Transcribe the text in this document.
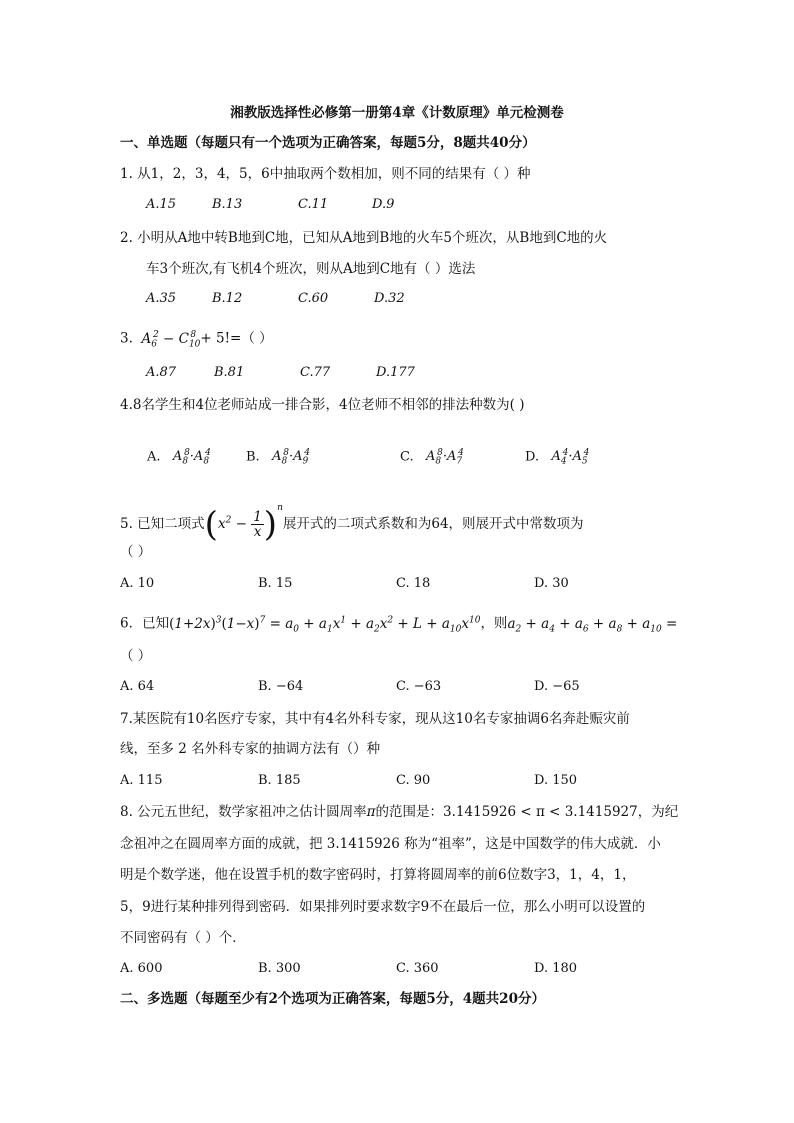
湘教版选择性必修第一册第4章《计数原理》单元检测卷
一、单选题（每题只有一个选项为正确答案，每题5分，8题共40分）
1. 从1，2，3，4，5，6中抽取两个数相加，则不同的结果有（ ）种
A.15	B.13	C.11	D.9
2. 小明从A地中转B地到C地，已知从A地到B地的火车5个班次，从B地到C地的火
车3个班次,有飞机4个班次，则从A地到C地有（ ）选法
A.35	B.12	C.60	D.32
3.  $A_6^2 - C_{10}^8 + 5!=$（ ）
A.87	B.81	C.77	D.177
4.8名学生和4位老师站成一排合影，4位老师不相邻的排法种数为( )
A.   $A_8^8\cdot A_8^4$	B.   $A_8^8\cdot A_9^4$	C.   $A_8^8\cdot A_7^4$	D.   $A_4^4\cdot A_5^4$
5. 已知二项式$(x^2 - \frac{1}{x} )^n$展开式的二项式系数和为64，则展开式中常数项为
（ ）
A. 10	B. 15	C. 18	D. 30
6．已知$(1+2x)^3(1-x)^7 = a_0 + a_1x^1 + a_2x^2 + L + a_{10}x^{10}$，则$a_2 + a_4 + a_6 + a_8 + a_{10}$ =
（ ）
A. 64	B. −64	C. −63	D. −65
7.某医院有10名医疗专家，其中有4名外科专家，现从这10名专家抽调6名奔赴赈灾前
线，至多 2 名外科专家的抽调方法有（）种
A. 115	B. 185	C. 90	D. 150
8. 公元五世纪，数学家祖冲之估计圆周率π的范围是：3.1415926 < π < 3.1415927，为纪
念祖冲之在圆周率方面的成就，把 3.1415926 称为“祖率”，这是中国数学的伟大成就．小
明是个数学迷，他在设置手机的数字密码时，打算将圆周率的前6位数字3，1，4，1，
5，9进行某种排列得到密码．如果排列时要求数字9不在最后一位，那么小明可以设置的
不同密码有（ ）个．
A. 600	B. 300	C. 360	D. 180
二、多选题（每题至少有2个选项为正确答案，每题5分，4题共20分）
